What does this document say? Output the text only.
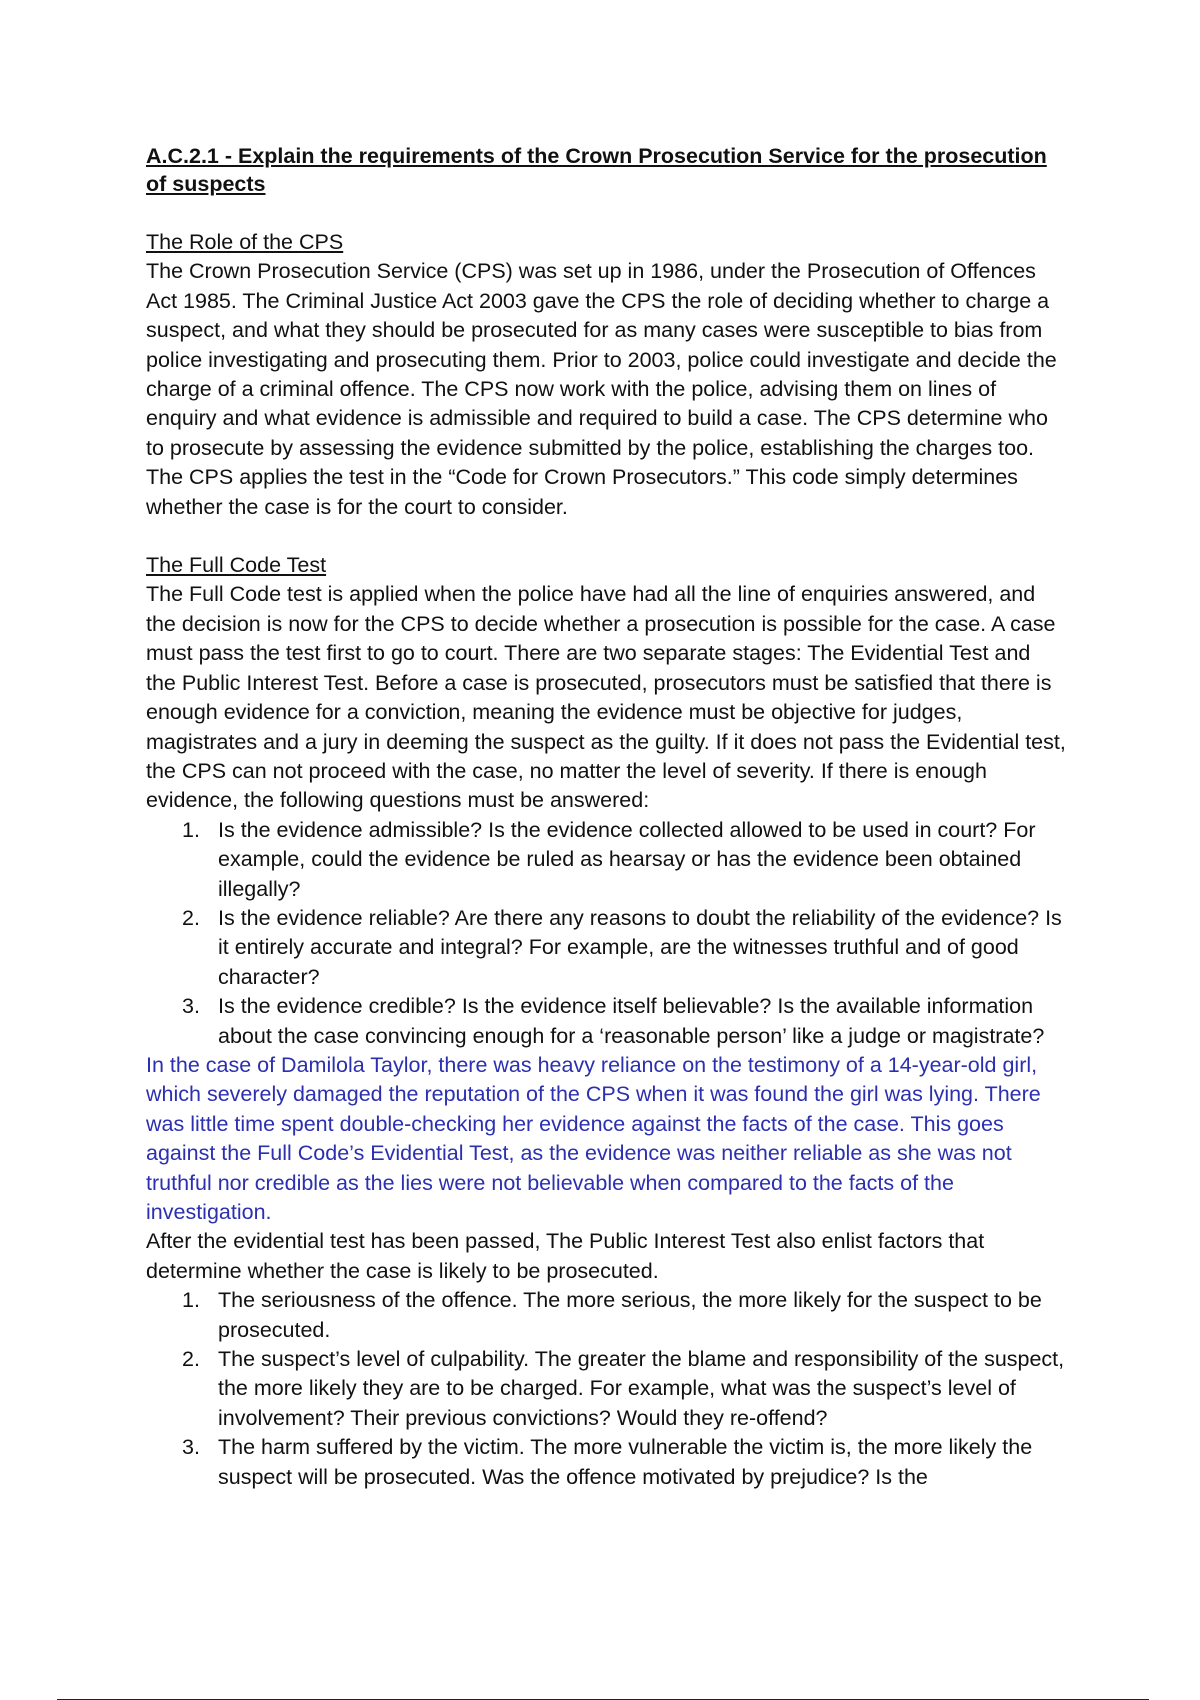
A.C.2.1 - Explain the requirements of the Crown Prosecution Service for the prosecution of suspects

The Role of the CPS

The Crown Prosecution Service (CPS) was set up in 1986, under the Prosecution of Offences Act 1985. The Criminal Justice Act 2003 gave the CPS the role of deciding whether to charge a suspect, and what they should be prosecuted for as many cases were susceptible to bias from police investigating and prosecuting them. Prior to 2003, police could investigate and decide the charge of a criminal offence. The CPS now work with the police, advising them on lines of enquiry and what evidence is admissible and required to build a case. The CPS determine who to prosecute by assessing the evidence submitted by the police, establishing the charges too. The CPS applies the test in the “Code for Crown Prosecutors.” This code simply determines whether the case is for the court to consider.

The Full Code Test

The Full Code test is applied when the police have had all the line of enquiries answered, and the decision is now for the CPS to decide whether a prosecution is possible for the case. A case must pass the test first to go to court. There are two separate stages: The Evidential Test and the Public Interest Test. Before a case is prosecuted, prosecutors must be satisfied that there is enough evidence for a conviction, meaning the evidence must be objective for judges, magistrates and a jury in deeming the suspect as the guilty. If it does not pass the Evidential test, the CPS can not proceed with the case, no matter the level of severity. If there is enough evidence, the following questions must be answered:

1. Is the evidence admissible? Is the evidence collected allowed to be used in court? For example, could the evidence be ruled as hearsay or has the evidence been obtained illegally?
2. Is the evidence reliable? Are there any reasons to doubt the reliability of the evidence? Is it entirely accurate and integral? For example, are the witnesses truthful and of good character?
3. Is the evidence credible? Is the evidence itself believable? Is the available information about the case convincing enough for a ‘reasonable person’ like a judge or magistrate?

In the case of Damilola Taylor, there was heavy reliance on the testimony of a 14-year-old girl, which severely damaged the reputation of the CPS when it was found the girl was lying. There was little time spent double-checking her evidence against the facts of the case. This goes against the Full Code’s Evidential Test, as the evidence was neither reliable as she was not truthful nor credible as the lies were not believable when compared to the facts of the investigation.

After the evidential test has been passed, The Public Interest Test also enlist factors that determine whether the case is likely to be prosecuted.

1. The seriousness of the offence. The more serious, the more likely for the suspect to be prosecuted.
2. The suspect’s level of culpability. The greater the blame and responsibility of the suspect, the more likely they are to be charged. For example, what was the suspect’s level of involvement? Their previous convictions? Would they re-offend?
3. The harm suffered by the victim. The more vulnerable the victim is, the more likely the suspect will be prosecuted. Was the offence motivated by prejudice? Is the
